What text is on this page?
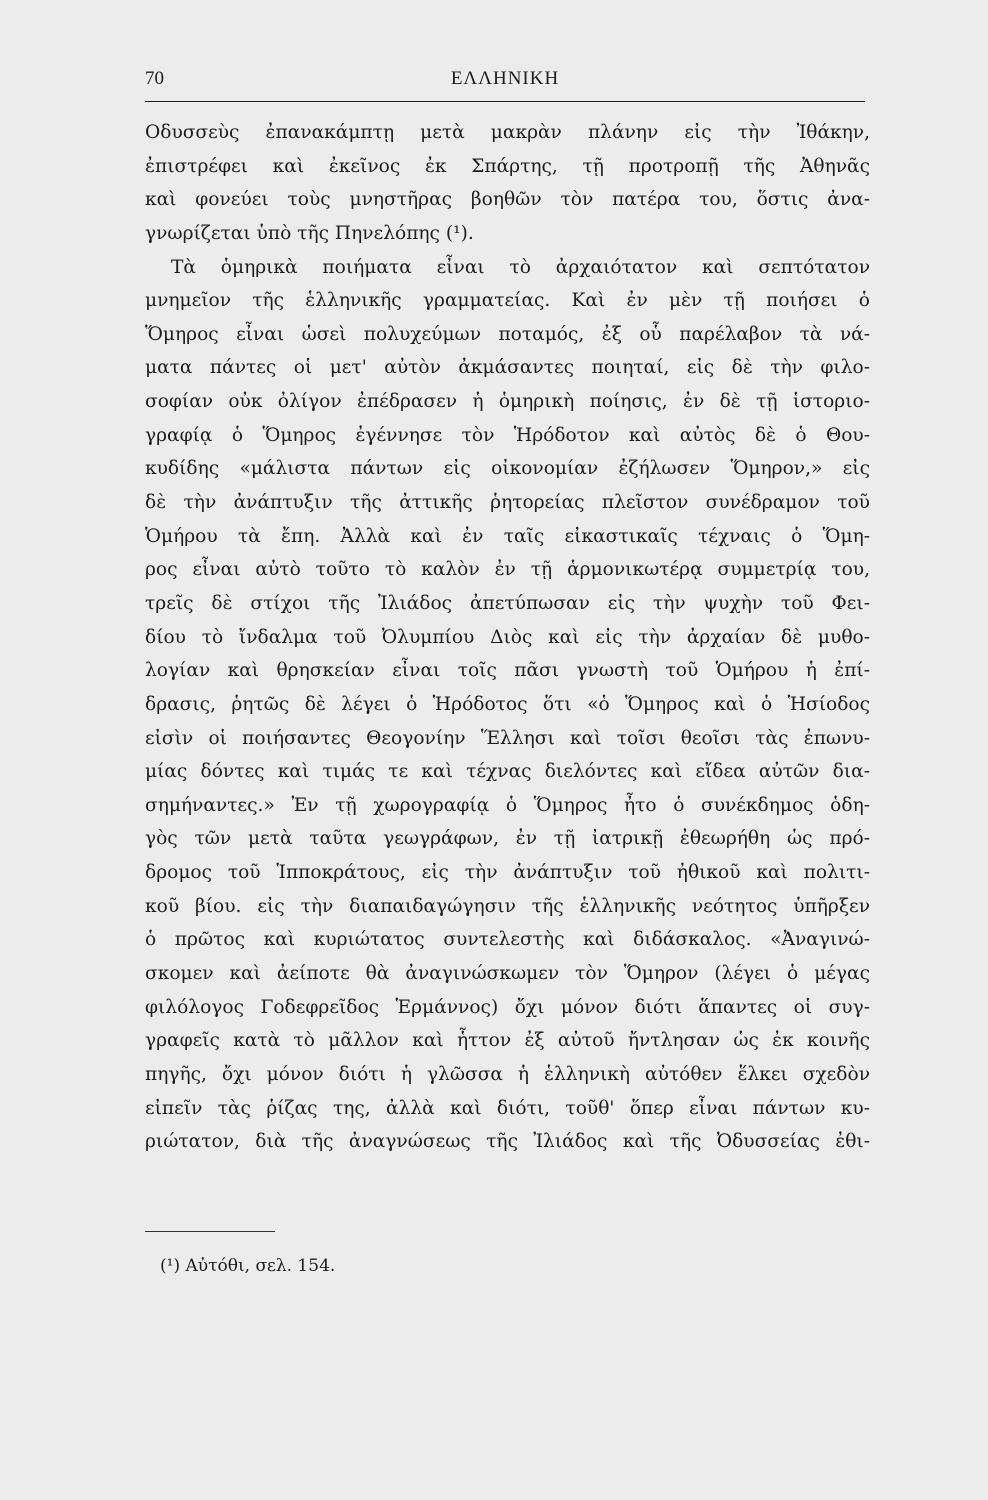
70	ΕΛΛΗΝΙΚΗ
Οδυσσεὺς ἐπανακάμπτῃ μετὰ μακρὰν πλάνην εἰς τὴν Ἰθάκην,
ἐπιστρέφει καὶ ἐκεῖνος ἐκ Σπάρτης, τῇ προτροπῇ τῆς Ἀθηνᾶς
καὶ φονεύει τοὺς μνηστῆρας βοηθῶν τὸν πατέρα του, ὅστις ἀνα-
γνωρίζεται ὑπὸ τῆς Πηνελόπης (¹).
Τὰ ὁμηρικὰ ποιήματα εἶναι τὸ ἀρχαιότατον καὶ σεπτότατον
μνημεῖον τῆς ἑλληνικῆς γραμματείας. Καὶ ἐν μὲν τῇ ποιήσει ὁ
Ὅμηρος εἶναι ὡσεὶ πολυχεύμων ποταμός, ἐξ οὗ παρέλαβον τὰ νά-
ματα πάντες οἱ μετ' αὐτὸν ἀκμάσαντες ποιηταί, εἰς δὲ τὴν φιλο-
σοφίαν οὐκ ὀλίγον ἐπέδρασεν ἡ ὁμηρικὴ ποίησις, ἐν δὲ τῇ ἱστοριο-
γραφίᾳ ὁ Ὅμηρος ἐγέννησε τὸν Ἡρόδοτον καὶ αὐτὸς δὲ ὁ Θου-
κυδίδης «μάλιστα πάντων εἰς οἰκονομίαν ἐζήλωσεν Ὅμηρον,» εἰς
δὲ τὴν ἀνάπτυξιν τῆς ἀττικῆς ῥητορείας πλεῖστον συνέδραμον τοῦ
Ὁμήρου τὰ ἔπη. Ἀλλὰ καὶ ἐν ταῖς εἰκαστικαῖς τέχναις ὁ Ὅμη-
ρος εἶναι αὐτὸ τοῦτο τὸ καλὸν ἐν τῇ ἁρμονικωτέρᾳ συμμετρίᾳ του,
τρεῖς δὲ στίχοι τῆς Ἰλιάδος ἀπετύπωσαν εἰς τὴν ψυχὴν τοῦ Φει-
δίου τὸ ἴνδαλμα τοῦ Ὀλυμπίου Διὸς καὶ εἰς τὴν ἀρχαίαν δὲ μυθο-
λογίαν καὶ θρησκείαν εἶναι τοῖς πᾶσι γνωστὴ τοῦ Ὁμήρου ἡ ἐπί-
δρασις, ῥητῶς δὲ λέγει ὁ Ἡρόδοτος ὅτι «ὁ Ὅμηρος καὶ ὁ Ἡσίοδος
εἰσὶν οἱ ποιήσαντες Θεογονίην Ἕλλησι καὶ τοῖσι θεοῖσι τὰς ἐπωνυ-
μίας δόντες καὶ τιμάς τε καὶ τέχνας διελόντες καὶ εἴδεα αὐτῶν δια-
σημήναντες.» Ἐν τῇ χωρογραφίᾳ ὁ Ὅμηρος ἦτο ὁ συνέκδημος ὁδη-
γὸς τῶν μετὰ ταῦτα γεωγράφων, ἐν τῇ ἰατρικῇ ἐθεωρήθη ὡς πρό-
δρομος τοῦ Ἱπποκράτους, εἰς τὴν ἀνάπτυξιν τοῦ ἠθικοῦ καὶ πολιτι-
κοῦ βίου. εἰς τὴν διαπαιδαγώγησιν τῆς ἑλληνικῆς νεότητος ὑπῆρξεν
ὁ πρῶτος καὶ κυριώτατος συντελεστὴς καὶ διδάσκαλος. «Ἀναγινώ-
σκομεν καὶ ἀείποτε θὰ ἀναγινώσκωμεν τὸν Ὅμηρον (λέγει ὁ μέγας
φιλόλογος Γοδεφρεῖδος Ἑρμάννος) ὄχι μόνον διότι ἅπαντες οἱ συγ-
γραφεῖς κατὰ τὸ μᾶλλον καὶ ἧττον ἐξ αὐτοῦ ἤντλησαν ὡς ἐκ κοινῆς
πηγῆς, ὄχι μόνον διότι ἡ γλῶσσα ἡ ἑλληνικὴ αὐτόθεν ἕλκει σχεδὸν
εἰπεῖν τὰς ῥίζας της, ἀλλὰ καὶ διότι, τοῦθ' ὅπερ εἶναι πάντων κυ-
ριώτατον, διὰ τῆς ἀναγνώσεως τῆς Ἰλιάδος καὶ τῆς Ὀδυσσείας ἐθι-
(¹) Αὐτόθι, σελ. 154.
